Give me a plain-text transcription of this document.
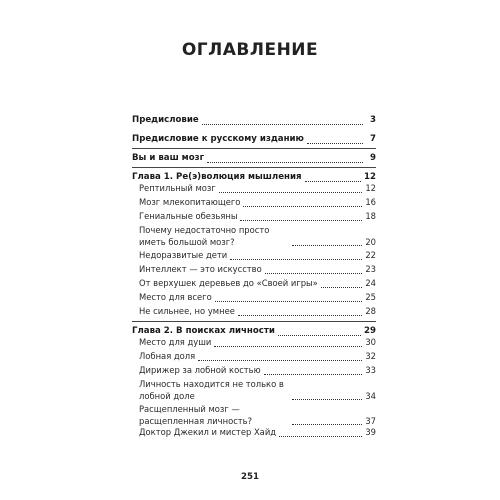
ОГЛАВЛЕНИЕ
Предисловие	3
Предисловие к русскому изданию	7
Вы и ваш мозг	9
Глава 1. Ре(э)волюция мышления	12
Рептильный мозг	12
Мозг млекопитающего	16
Гениальные обезьяны	18
Почему недостаточно просто иметь большой мозг?	20
Недоразвитые дети	22
Интеллект — это искусство	23
От верхушек деревьев до «Своей игры»	24
Место для всего	25
Не сильнее, но умнее	28
Глава 2. В поисках личности	29
Место для души	30
Лобная доля	32
Дирижер за лобной костью	33
Личность находится не только в лобной доле	34
Расщепленный мозг — расщепленная личность?	37
Доктор Джекил и мистер Хайд	39
251
